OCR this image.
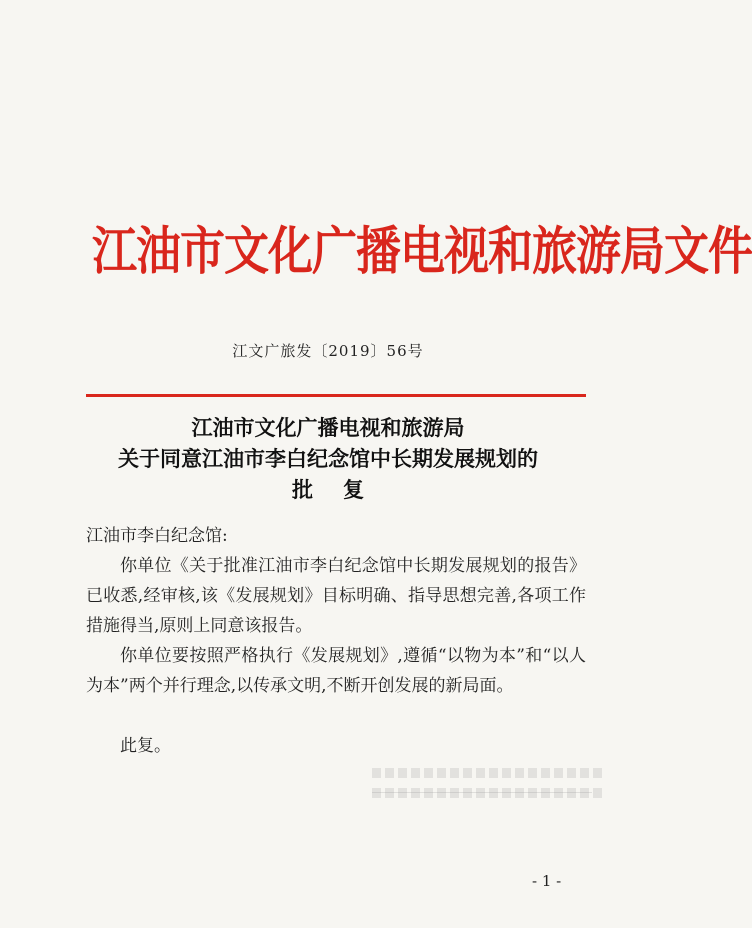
江油市文化广播电视和旅游局文件
江文广旅发〔2019〕56号
江油市文化广播电视和旅游局
关于同意江油市李白纪念馆中长期发展规划的
批复
江油市李白纪念馆:
你单位《关于批准江油市李白纪念馆中长期发展规划的报告》已收悉,经审核,该《发展规划》目标明确、指导思想完善,各项工作措施得当,原则上同意该报告。
你单位要按照严格执行《发展规划》,遵循“以物为本”和“以人为本”两个并行理念,以传承文明,不断开创发展的新局面。
此复。
- 1 -
